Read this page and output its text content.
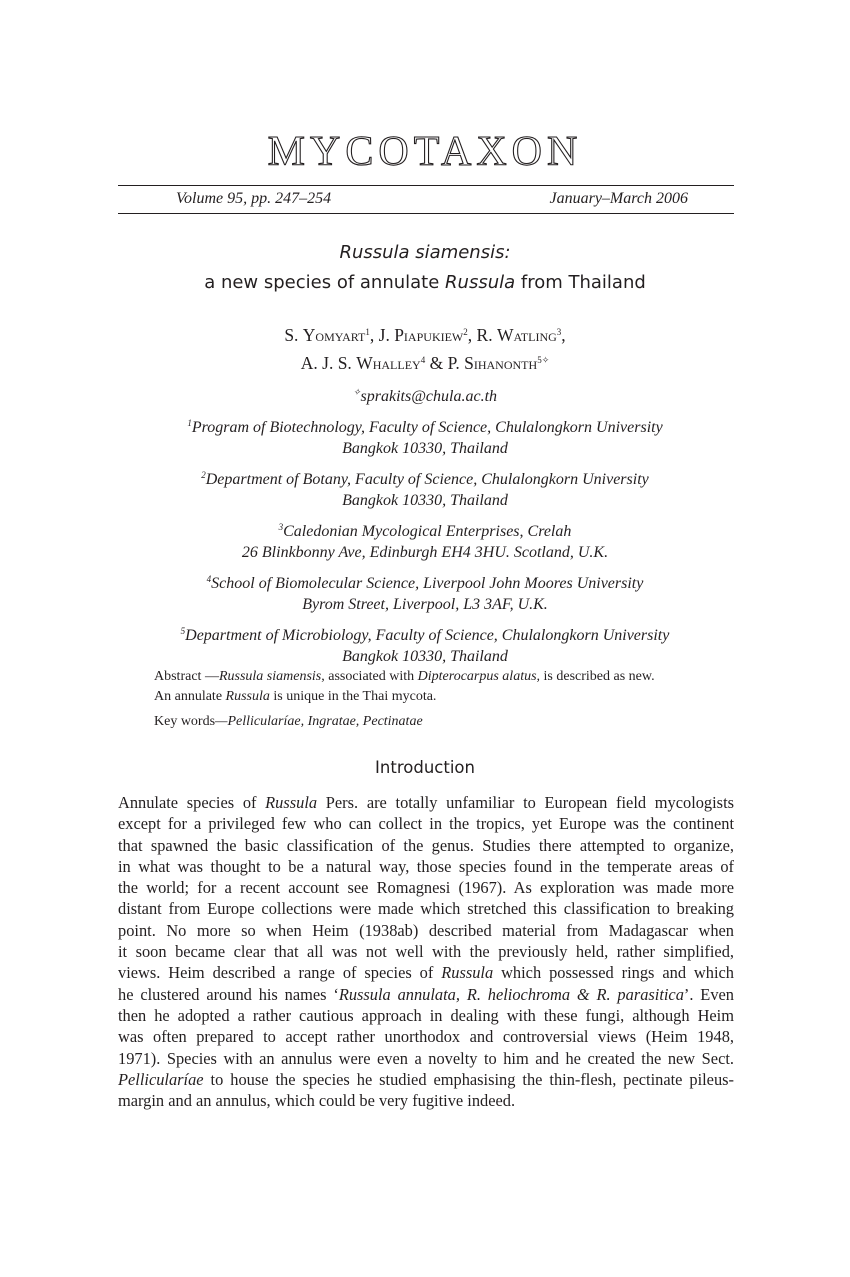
MYCOTAXON
Volume 95, pp. 247–254	January–March 2006
Russula siamensis:
a new species of annulate Russula from Thailand
S. Yomyart$^1$, J. Piapukiew$^2$, R. Watling$^3$,
A. J. S. Whalley$^4$ & P. Sihanonth$^{5✧}$
✧sprakits@chula.ac.th
$^1$Program of Biotechnology, Faculty of Science, Chulalongkorn University
Bangkok 10330, Thailand
$^2$Department of Botany, Faculty of Science, Chulalongkorn University
Bangkok 10330, Thailand
$^3$Caledonian Mycological Enterprises, Crelah
26 Blinkbonny Ave, Edinburgh EH4 3HU. Scotland, U.K.
$^4$School of Biomolecular Science, Liverpool John Moores University
Byrom Street, Liverpool, L3 3AF, U.K.
$^5$Department of Microbiology, Faculty of Science, Chulalongkorn University
Bangkok 10330, Thailand
Abstract —Russula siamensis, associated with Dipterocarpus alatus, is described as new.
An annulate Russula is unique in the Thai mycota.
Key words—Pellicularíae, Ingratae, Pectinatae
Introduction
Annulate species of Russula Pers. are totally unfamiliar to European field mycologists
except for a privileged few who can collect in the tropics, yet Europe was the continent
that spawned the basic classification of the genus. Studies there attempted to organize,
in what was thought to be a natural way, those species found in the temperate areas of
the world; for a recent account see Romagnesi (1967). As exploration was made more
distant from Europe collections were made which stretched this classification to breaking
point. No more so when Heim (1938ab) described material from Madagascar when
it soon became clear that all was not well with the previously held, rather simplified,
views. Heim described a range of species of Russula which possessed rings and which
he clustered around his names ‘Russula annulata, R. heliochroma & R. parasitica’. Even
then he adopted a rather cautious approach in dealing with these fungi, although Heim
was often prepared to accept rather unorthodox and controversial views (Heim 1948,
1971). Species with an annulus were even a novelty to him and he created the new Sect.
Pellicularíae to house the species he studied emphasising the thin-flesh, pectinate pileus-
margin and an annulus, which could be very fugitive indeed.
